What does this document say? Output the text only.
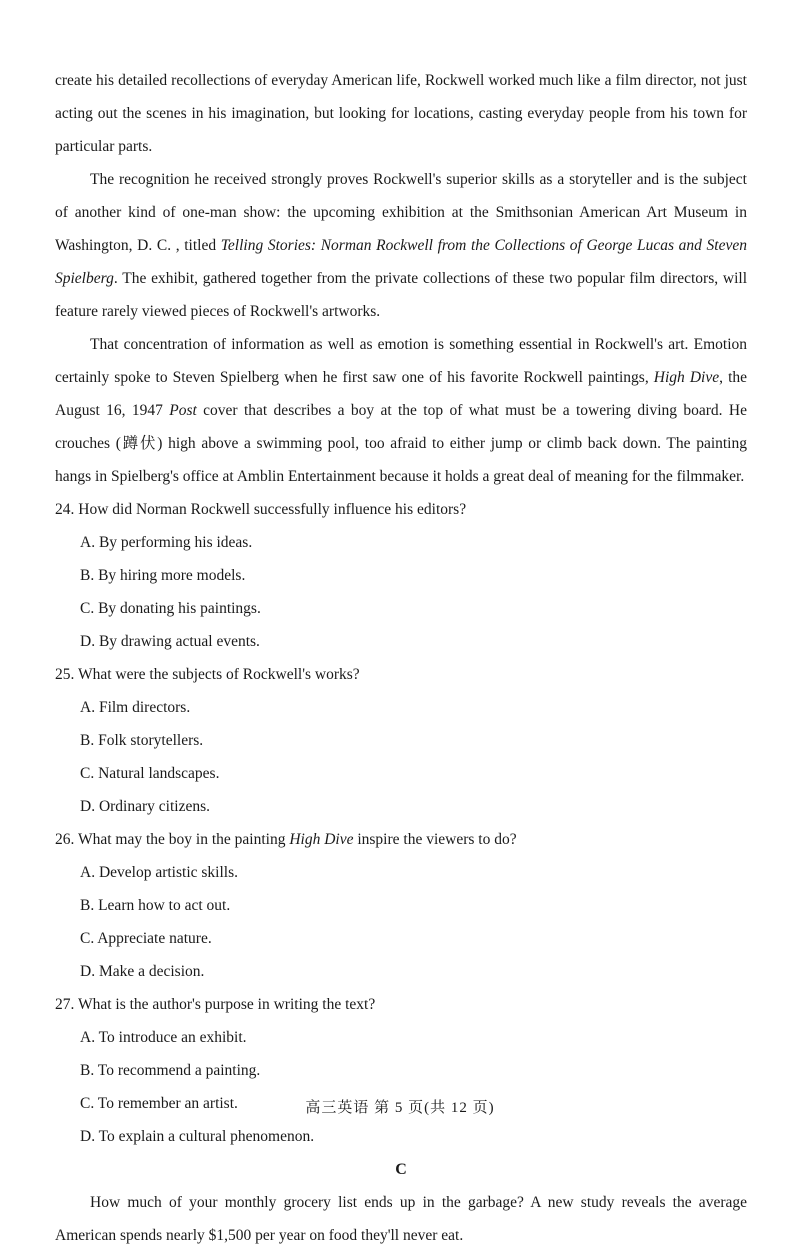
create his detailed recollections of everyday American life, Rockwell worked much like a film director, not just acting out the scenes in his imagination, but looking for locations, casting everyday people from his town for particular parts.

The recognition he received strongly proves Rockwell's superior skills as a storyteller and is the subject of another kind of one-man show: the upcoming exhibition at the Smithsonian American Art Museum in Washington, D. C. , titled Telling Stories: Norman Rockwell from the Collections of George Lucas and Steven Spielberg. The exhibit, gathered together from the private collections of these two popular film directors, will feature rarely viewed pieces of Rockwell's artworks.

That concentration of information as well as emotion is something essential in Rockwell's art. Emotion certainly spoke to Steven Spielberg when he first saw one of his favorite Rockwell paintings, High Dive, the August 16, 1947 Post cover that describes a boy at the top of what must be a towering diving board. He crouches (蹲伏) high above a swimming pool, too afraid to either jump or climb back down. The painting hangs in Spielberg's office at Amblin Entertainment because it holds a great deal of meaning for the filmmaker.

24. How did Norman Rockwell successfully influence his editors?
A. By performing his ideas.
B. By hiring more models.
C. By donating his paintings.
D. By drawing actual events.
25. What were the subjects of Rockwell's works?
A. Film directors.
B. Folk storytellers.
C. Natural landscapes.
D. Ordinary citizens.
26. What may the boy in the painting High Dive inspire the viewers to do?
A. Develop artistic skills.
B. Learn how to act out.
C. Appreciate nature.
D. Make a decision.
27. What is the author's purpose in writing the text?
A. To introduce an exhibit.
B. To recommend a painting.
C. To remember an artist.
D. To explain a cultural phenomenon.
C

How much of your monthly grocery list ends up in the garbage? A new study reveals the average American spends nearly $1,500 per year on food they'll never eat.

高三英语 第 5 页(共 12 页)
